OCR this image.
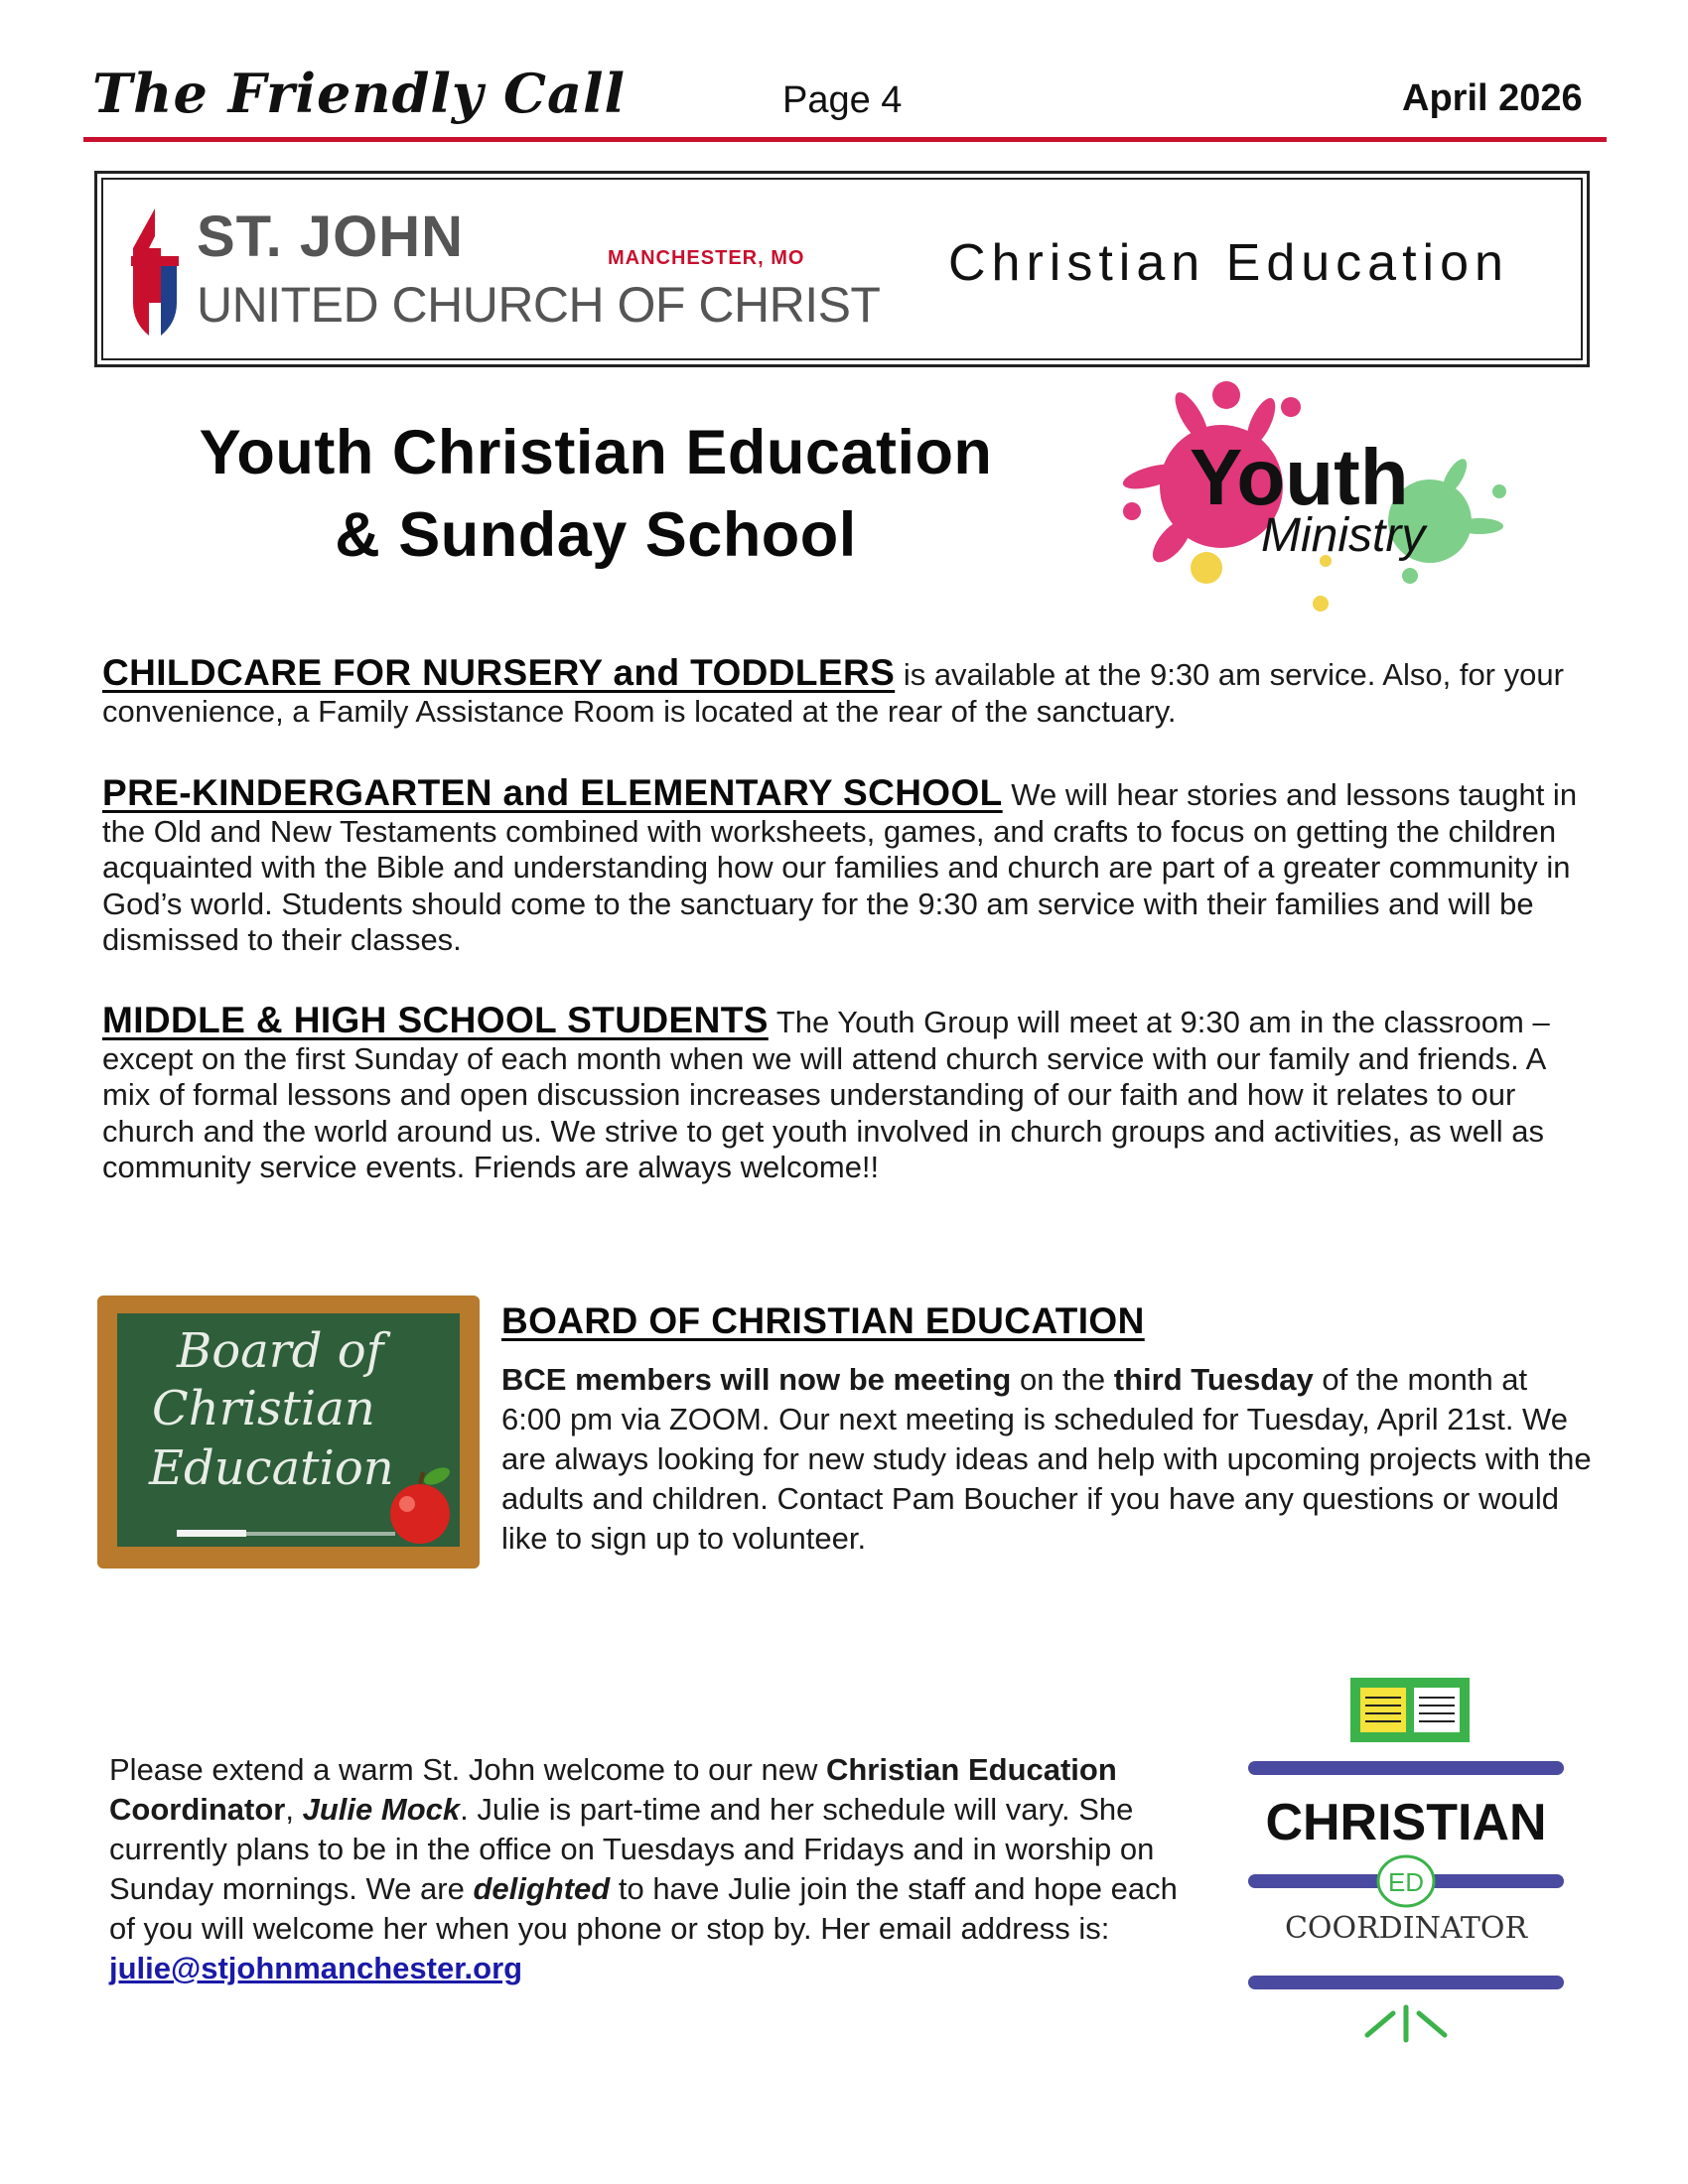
The Friendly Call	Page 4	April 2026
ST. JOHN	MANCHESTER, MO
UNITED CHURCH OF CHRIST
Christian Education
Youth Christian Education
& Sunday School
Youth
Ministry
CHILDCARE FOR NURSERY and TODDLERS is available at the 9:30 am service. Also, for your convenience, a Family Assistance Room is located at the rear of the sanctuary.
PRE-KINDERGARTEN and ELEMENTARY SCHOOL We will hear stories and lessons taught in the Old and New Testaments combined with worksheets, games, and crafts to focus on getting the children acquainted with the Bible and understanding how our families and church are part of a greater community in God’s world. Students should come to the sanctuary for the 9:30 am service with their families and will be dismissed to their classes.
MIDDLE & HIGH SCHOOL STUDENTS The Youth Group will meet at 9:30 am in the classroom – except on the first Sunday of each month when we will attend church service with our family and friends. A mix of formal lessons and open discussion increases understanding of our faith and how it relates to our church and the world around us. We strive to get youth involved in church groups and activities, as well as community service events. Friends are always welcome!!
Board of
Christian
Education
BOARD OF CHRISTIAN EDUCATION
BCE members will now be meeting on the third Tuesday of the month at 6:00 pm via ZOOM. Our next meeting is scheduled for Tuesday, April 21st. We are always looking for new study ideas and help with upcoming projects with the adults and children. Contact Pam Boucher if you have any questions or would like to sign up to volunteer.
Please extend a warm St. John welcome to our new Christian Education Coordinator, Julie Mock. Julie is part-time and her schedule will vary. She currently plans to be in the office on Tuesdays and Fridays and in worship on Sunday mornings. We are delighted to have Julie join the staff and hope each of you will welcome her when you phone or stop by. Her email address is: julie@stjohnmanchester.org
CHRISTIAN
ED
COORDINATOR
